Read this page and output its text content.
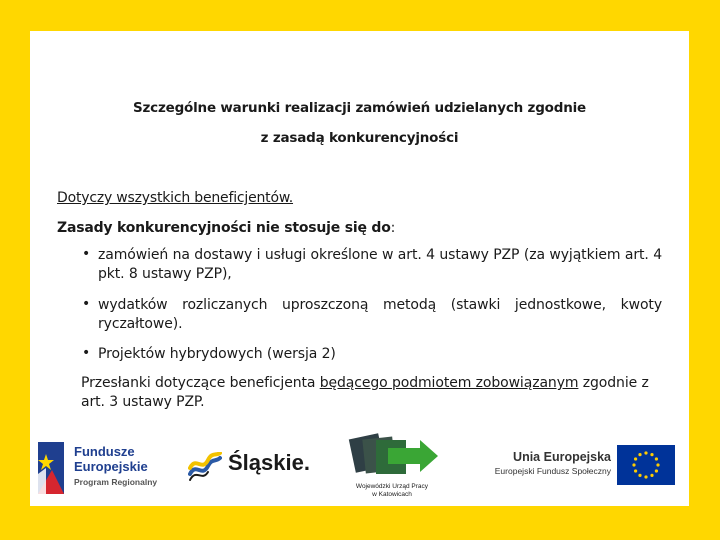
Szczególne warunki realizacji zamówień udzielanych zgodnie
z zasadą konkurencyjności
Dotyczy wszystkich beneficjentów.
Zasady konkurencyjności nie stosuje się do:
• zamówień na dostawy i usługi określone w art. 4 ustawy PZP (za wyjątkiem art. 4 pkt. 8 ustawy PZP),
• wydatków rozliczanych uproszczoną metodą (stawki jednostkowe, kwoty ryczałtowe).
• Projektów hybrydowych (wersja 2)
Przesłanki dotyczące beneficjenta będącego podmiotem zobowiązanym zgodnie z art. 3 ustawy PZP.
Fundusze
Europejskie
Program Regionalny
Śląskie.
Wojewódzki Urząd Pracy
w Katowicach
Unia Europejska
Europejski Fundusz Społeczny
